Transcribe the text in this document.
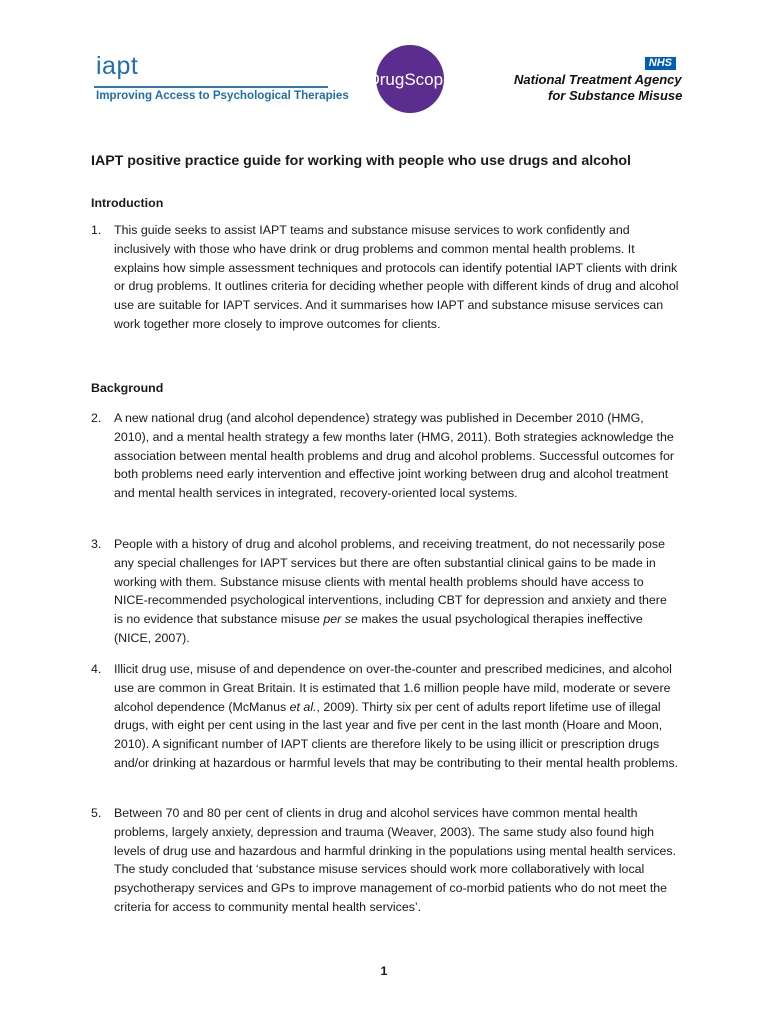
iapt
Improving Access to Psychological Therapies
DrugScope
NHS
National Treatment Agency
for Substance Misuse

IAPT positive practice guide for working with people who use drugs and alcohol

Introduction

1.	This guide seeks to assist IAPT teams and substance misuse services to work confidently and inclusively with those who have drink or drug problems and common mental health problems. It explains how simple assessment techniques and protocols can identify potential IAPT clients with drink or drug problems. It outlines criteria for deciding whether people with different kinds of drug and alcohol use are suitable for IAPT services. And it summarises how IAPT and substance misuse services can work together more closely to improve outcomes for clients.

Background

2.	A new national drug (and alcohol dependence) strategy was published in December 2010 (HMG, 2010), and a mental health strategy a few months later (HMG, 2011). Both strategies acknowledge the association between mental health problems and drug and alcohol problems. Successful outcomes for both problems need early intervention and effective joint working between drug and alcohol treatment and mental health services in integrated, recovery-oriented local systems.
3.	People with a history of drug and alcohol problems, and receiving treatment, do not necessarily pose any special challenges for IAPT services but there are often substantial clinical gains to be made in working with them. Substance misuse clients with mental health problems should have access to NICE-recommended psychological interventions, including CBT for depression and anxiety and there is no evidence that substance misuse per se makes the usual psychological therapies ineffective (NICE, 2007).
4.	Illicit drug use, misuse of and dependence on over-the-counter and prescribed medicines, and alcohol use are common in Great Britain. It is estimated that 1.6 million people have mild, moderate or severe alcohol dependence (McManus et al., 2009). Thirty six per cent of adults report lifetime use of illegal drugs, with eight per cent using in the last year and five per cent in the last month (Hoare and Moon, 2010). A significant number of IAPT clients are therefore likely to be using illicit or prescription drugs and/or drinking at hazardous or harmful levels that may be contributing to their mental health problems.
5.	Between 70 and 80 per cent of clients in drug and alcohol services have common mental health problems, largely anxiety, depression and trauma (Weaver, 2003). The same study also found high levels of drug use and hazardous and harmful drinking in the populations using mental health services. The study concluded that ‘substance misuse services should work more collaboratively with local psychotherapy services and GPs to improve management of co-morbid patients who do not meet the criteria for access to community mental health services’.
1
